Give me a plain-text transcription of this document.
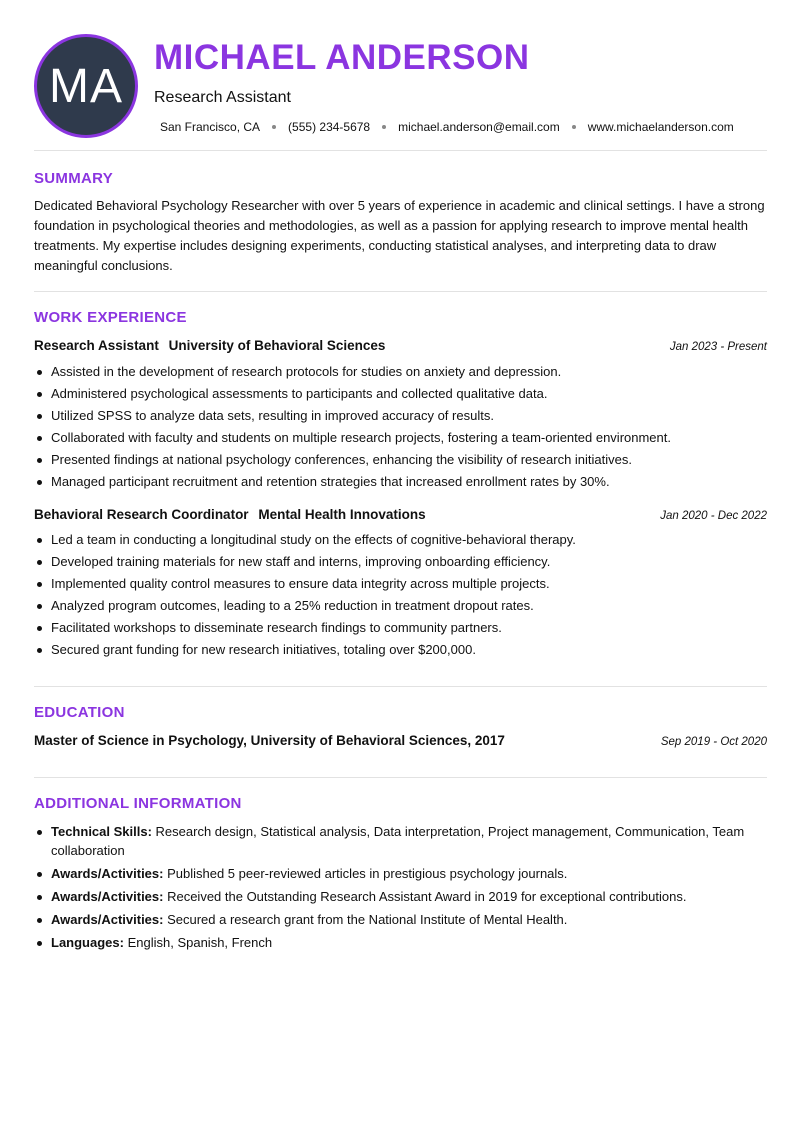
MA
MICHAEL ANDERSON
Research Assistant
San Francisco, CA (555) 234-5678 michael.anderson@email.com www.michaelanderson.com
SUMMARY
Dedicated Behavioral Psychology Researcher with over 5 years of experience in academic and clinical settings. I have a strong foundation in psychological theories and methodologies, as well as a passion for applying research to improve mental health treatments. My expertise includes designing experiments, conducting statistical analyses, and interpreting data to draw meaningful conclusions.
WORK EXPERIENCE
Research Assistant University of Behavioral Sciences	Jan 2023 - Present
Assisted in the development of research protocols for studies on anxiety and depression.
Administered psychological assessments to participants and collected qualitative data.
Utilized SPSS to analyze data sets, resulting in improved accuracy of results.
Collaborated with faculty and students on multiple research projects, fostering a team-oriented environment.
Presented findings at national psychology conferences, enhancing the visibility of research initiatives.
Managed participant recruitment and retention strategies that increased enrollment rates by 30%.
Behavioral Research Coordinator Mental Health Innovations	Jan 2020 - Dec 2022
Led a team in conducting a longitudinal study on the effects of cognitive-behavioral therapy.
Developed training materials for new staff and interns, improving onboarding efficiency.
Implemented quality control measures to ensure data integrity across multiple projects.
Analyzed program outcomes, leading to a 25% reduction in treatment dropout rates.
Facilitated workshops to disseminate research findings to community partners.
Secured grant funding for new research initiatives, totaling over $200,000.
EDUCATION
Master of Science in Psychology, University of Behavioral Sciences, 2017	Sep 2019 - Oct 2020
ADDITIONAL INFORMATION
Technical Skills: Research design, Statistical analysis, Data interpretation, Project management, Communication, Team collaboration
Awards/Activities: Published 5 peer-reviewed articles in prestigious psychology journals.
Awards/Activities: Received the Outstanding Research Assistant Award in 2019 for exceptional contributions.
Awards/Activities: Secured a research grant from the National Institute of Mental Health.
Languages: English, Spanish, French
